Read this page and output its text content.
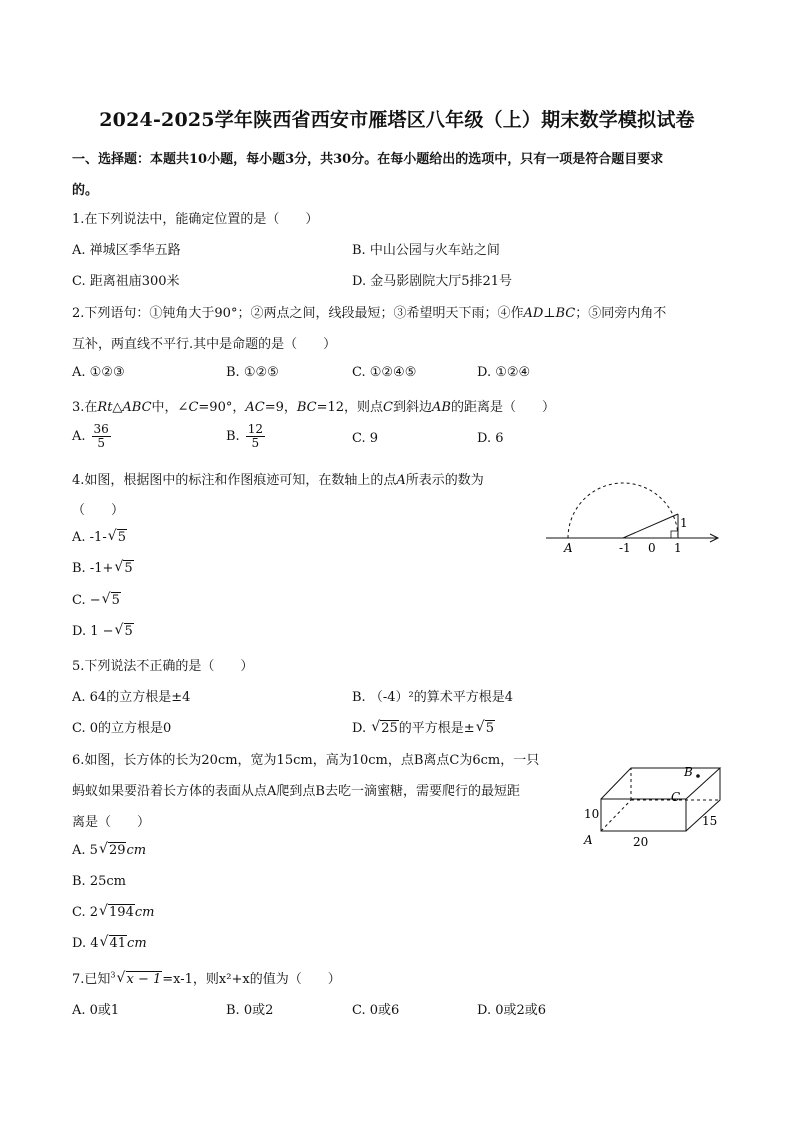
2024-2025学年陕西省西安市雁塔区八年级（上）期末数学模拟试卷
一、选择题：本题共10小题，每小题3分，共30分。在每小题给出的选项中，只有一项是符合题目要求
的。
1.在下列说法中，能确定位置的是（　　）
A. 禅城区季华五路	B. 中山公园与火车站之间
C. 距离祖庙300米	D. 金马影剧院大厅5排21号
2.下列语句：①钝角大于90°；②两点之间，线段最短；③希望明天下雨；④作AD⊥BC；⑤同旁内角不
互补，两直线不平行.其中是命题的是（　　）
A. ①②③	B. ①②⑤	C. ①②④⑤	D. ①②④
3.在Rt△ABC中，∠C=90°，AC=9，BC=12，则点C到斜边AB的距离是（　　）
A. $\frac{36}{5}$	B. $\frac{12}{5}$	C. 9	D. 6
4.如图，根据图中的标注和作图痕迹可知，在数轴上的点A所表示的数为
（　　）
A. -1- √ 5
B. -1+ √ 5
C. − √ 5
D. 1 − √ 5
A	-1 0 1
1
5.下列说法不正确的是（　　）
A. 64的立方根是±4	B. （-4）²的算术平方根是4
C. 0的立方根是0	D. √ 25的平方根是± √ 5
6.如图，长方体的长为20cm，宽为15cm，高为10cm，点B离点C为6cm，一只
蚂蚁如果要沿着长方体的表面从点A爬到点B去吃一滴蜜糖，需要爬行的最短距
离是（　　）
A. 5 √ 29cm
B. 25cm
C. 2 √ 194cm
D. 4 √ 41cm
B
C
A
10
20
15
7.已知$^3$ √ x − 1=x-1，则x²+x的值为（　　）
A. 0或1	B. 0或2	C. 0或6	D. 0或2或6
